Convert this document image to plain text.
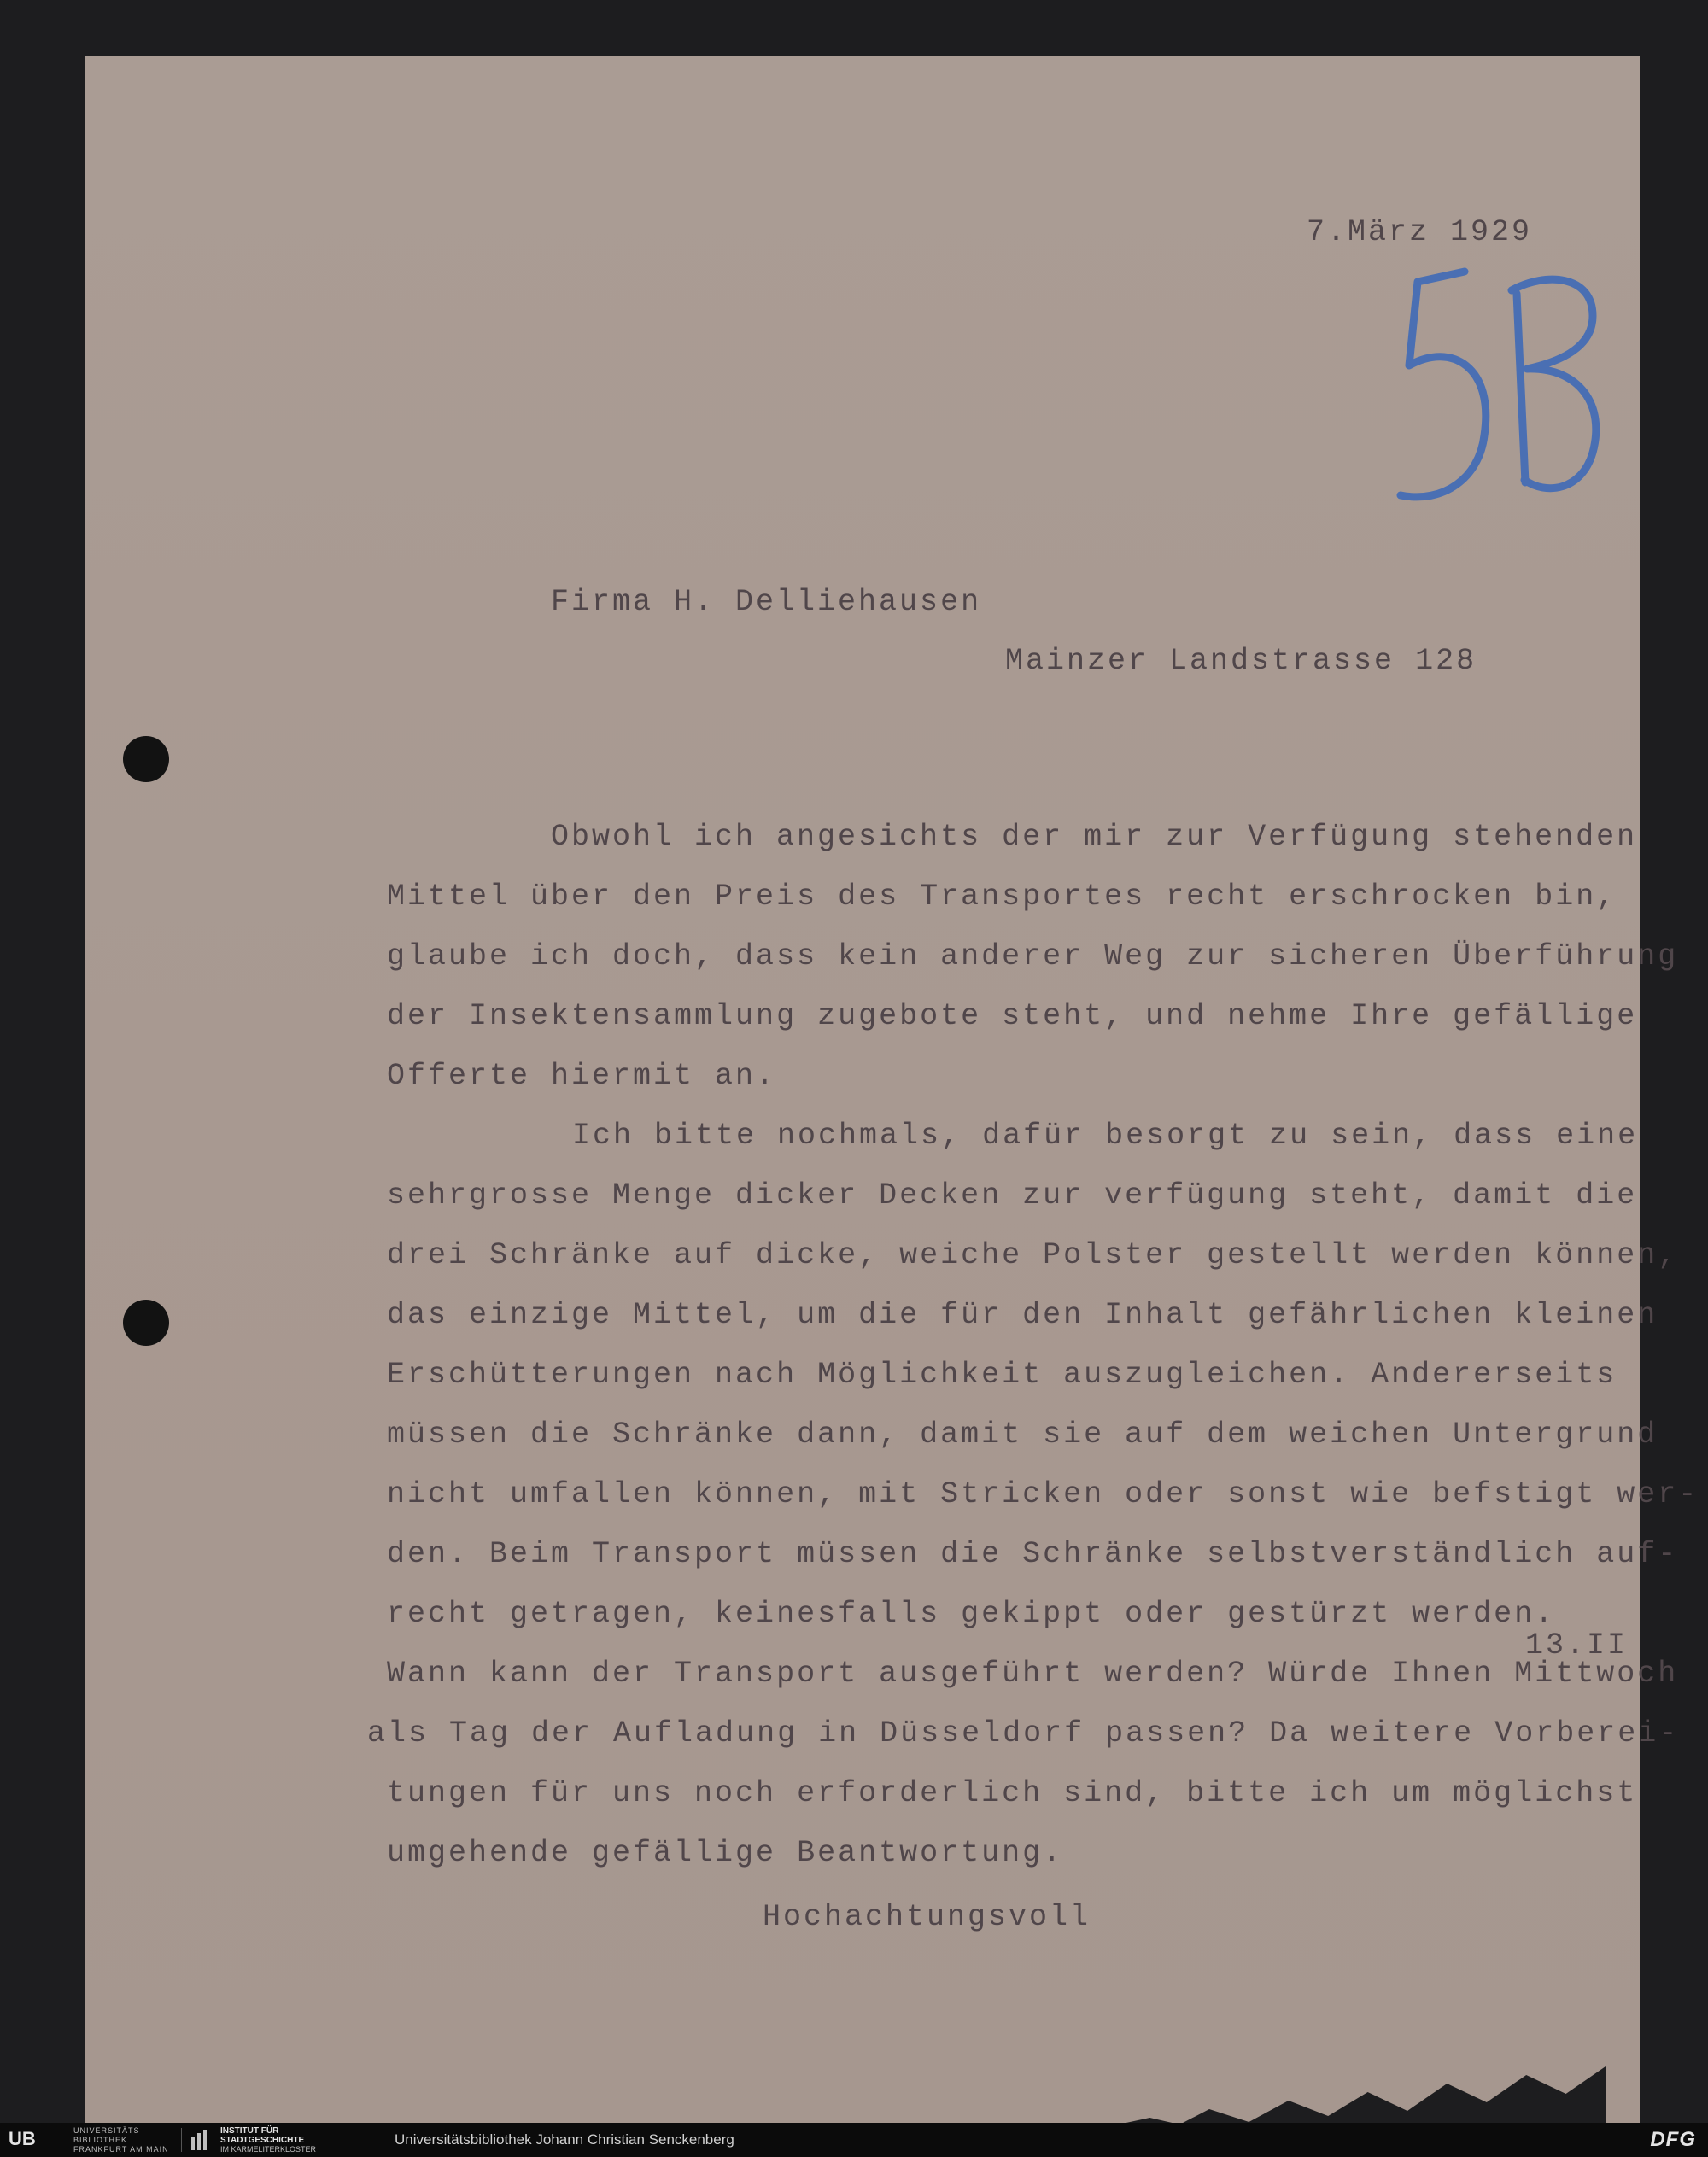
7.März 1929
Firma H. Delliehausen
Mainzer Landstrasse 128
Obwohl ich angesichts der mir zur Verfügung stehenden
Mittel über den Preis des Transportes recht erschrocken bin,
glaube ich doch, dass kein anderer Weg zur sicheren Überführung
der Insektensammlung zugebote steht, und nehme Ihre gefällige
Offerte hiermit an.
Ich bitte nochmals, dafür besorgt zu sein, dass eine
sehrgrosse Menge dicker Decken zur verfügung steht, damit die
drei Schränke auf dicke, weiche Polster gestellt werden können,
das einzige Mittel, um die für den Inhalt gefährlichen kleinen
Erschütterungen nach Möglichkeit auszugleichen. Andererseits
müssen die Schränke dann, damit sie auf dem weichen Untergrund
nicht umfallen können, mit Stricken oder sonst wie befstigt wer-
den. Beim Transport müssen die Schränke selbstverständlich auf-
recht getragen, keinesfalls gekippt oder gestürzt werden.
13.II
Wann kann der Transport ausgeführt werden? Würde Ihnen Mittwoch
als Tag der Aufladung in Düsseldorf passen? Da weitere Vorberei-
tungen für uns noch erforderlich sind, bitte ich um möglichst
umgehende gefällige Beantwortung.
Hochachtungsvoll
UB	UNIVERSITÄTS
BIBLIOTHEK
FRANKFURT AM MAIN
INSTITUT FÜR
STADTGESCHICHTE
IM KARMELITERKLOSTER
Universitätsbibliothek Johann Christian Senckenberg	DFG
